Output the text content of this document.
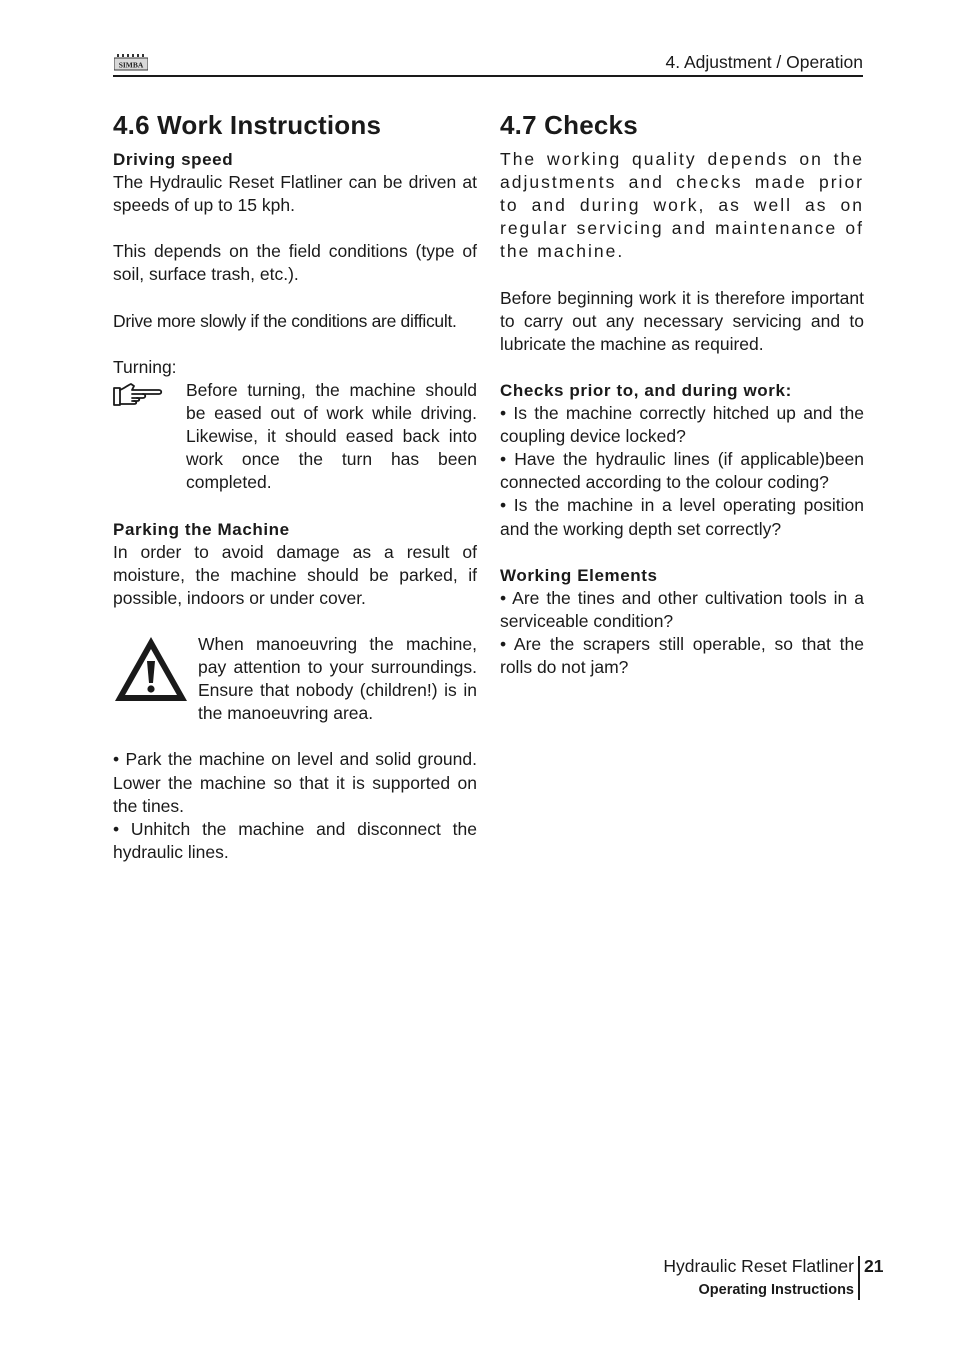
SIMBA	4. Adjustment / Operation
4.6 Work Instructions
Driving speed

The Hydraulic Reset Flatliner can be driven at speeds of up to 15 kph.

This depends on the field conditions (type of soil, surface trash, etc.).

Drive more slowly if the conditions are difficult.

Turning:
Before turning, the machine should be eased out of work while driving. Likewise, it should eased back into work once the turn has been completed.
Parking the Machine

In order to avoid damage as a result of moisture, the machine should be parked, if possible, indoors or under cover.

When manoeuvring the machine, pay attention to your surroundings. Ensure that nobody (children!) is in the manoeuvring area.

• Park the machine on level and solid ground. Lower the machine so that it is supported on the tines.

• Unhitch the machine and disconnect the hydraulic lines.

4.7 Checks

The working quality depends on the adjustments and checks made prior to and during work, as well as on regular servicing and maintenance of the machine.

Before beginning work it is therefore important to carry out any necessary servicing and to lubricate the machine as required.

Checks prior to, and during work:

• Is the machine correctly hitched up and the coupling device locked?

• Have the hydraulic lines (if applicable)been connected according to the colour coding?

• Is the machine in a level operating position and the working depth set correctly?

Working Elements

• Are the tines and other cultivation tools in a serviceable condition?

• Are the scrapers still operable, so that the rolls do not jam?

Hydraulic Reset Flatliner
Operating Instructions
21
